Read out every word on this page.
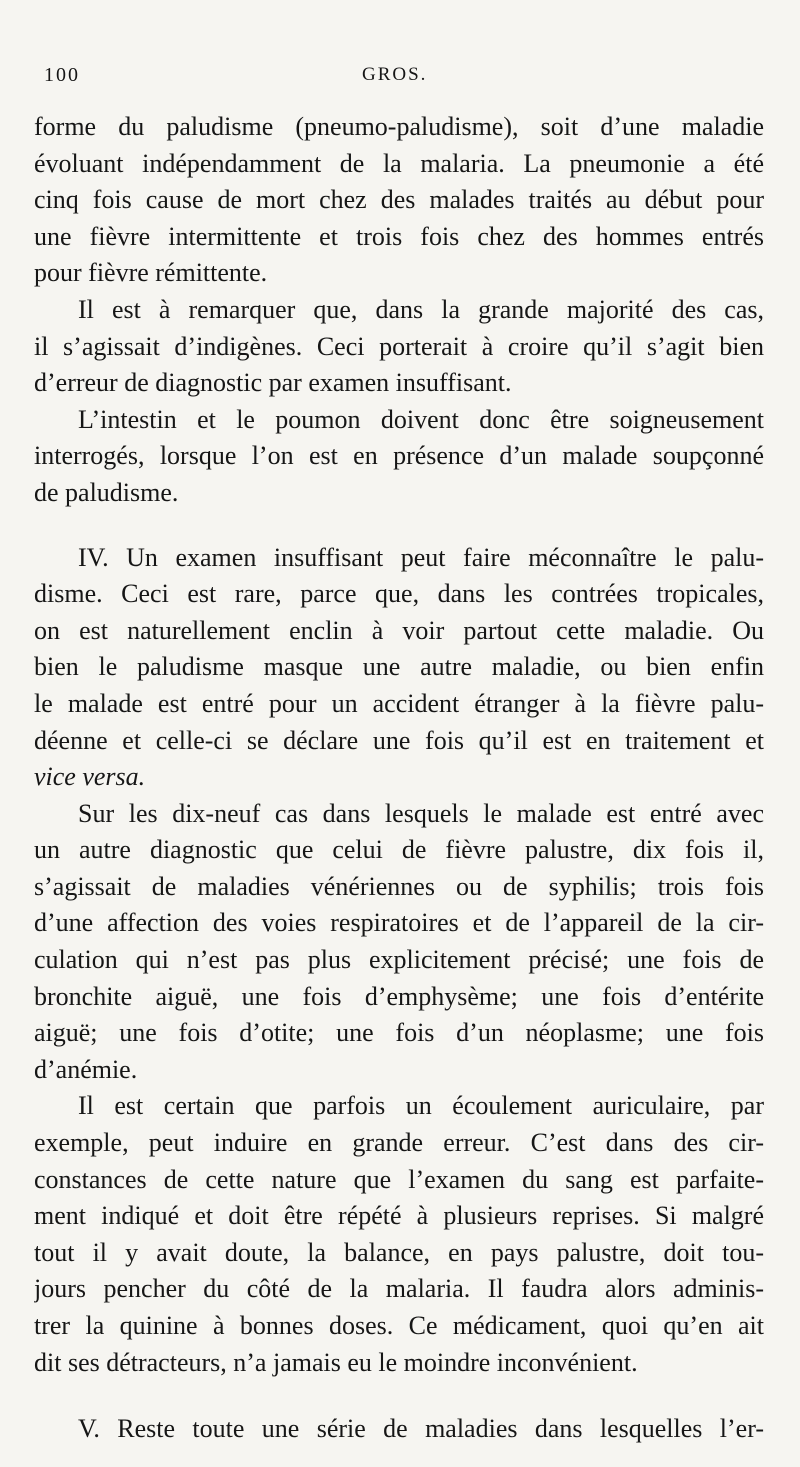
100	GROS.
forme du paludisme (pneumo-paludisme), soit d’une maladie
évoluant indépendamment de la malaria. La pneumonie a été
cinq fois cause de mort chez des malades traités au début pour
une fièvre intermittente et trois fois chez des hommes entrés
pour fièvre rémittente.
Il est à remarquer que, dans la grande majorité des cas,
il s’agissait d’indigènes. Ceci porterait à croire qu’il s’agit bien
d’erreur de diagnostic par examen insuffisant.
L’intestin et le poumon doivent donc être soigneusement
interrogés, lorsque l’on est en présence d’un malade soupçonné
de paludisme.
IV. Un examen insuffisant peut faire méconnaître le palu-
disme. Ceci est rare, parce que, dans les contrées tropicales,
on est naturellement enclin à voir partout cette maladie. Ou
bien le paludisme masque une autre maladie, ou bien enfin
le malade est entré pour un accident étranger à la fièvre palu-
déenne et celle-ci se déclare une fois qu’il est en traitement et
vice versa.
Sur les dix-neuf cas dans lesquels le malade est entré avec
un autre diagnostic que celui de fièvre palustre, dix fois il,
s’agissait de maladies vénériennes ou de syphilis; trois fois
d’une affection des voies respiratoires et de l’appareil de la cir-
culation qui n’est pas plus explicitement précisé; une fois de
bronchite aiguë, une fois d’emphysème; une fois d’entérite
aiguë; une fois d’otite; une fois d’un néoplasme; une fois
d’anémie.
Il est certain que parfois un écoulement auriculaire, par
exemple, peut induire en grande erreur. C’est dans des cir-
constances de cette nature que l’examen du sang est parfaite-
ment indiqué et doit être répété à plusieurs reprises. Si malgré
tout il y avait doute, la balance, en pays palustre, doit tou-
jours pencher du côté de la malaria. Il faudra alors adminis-
trer la quinine à bonnes doses. Ce médicament, quoi qu’en ait
dit ses détracteurs, n’a jamais eu le moindre inconvénient.
V. Reste toute une série de maladies dans lesquelles l’er-
